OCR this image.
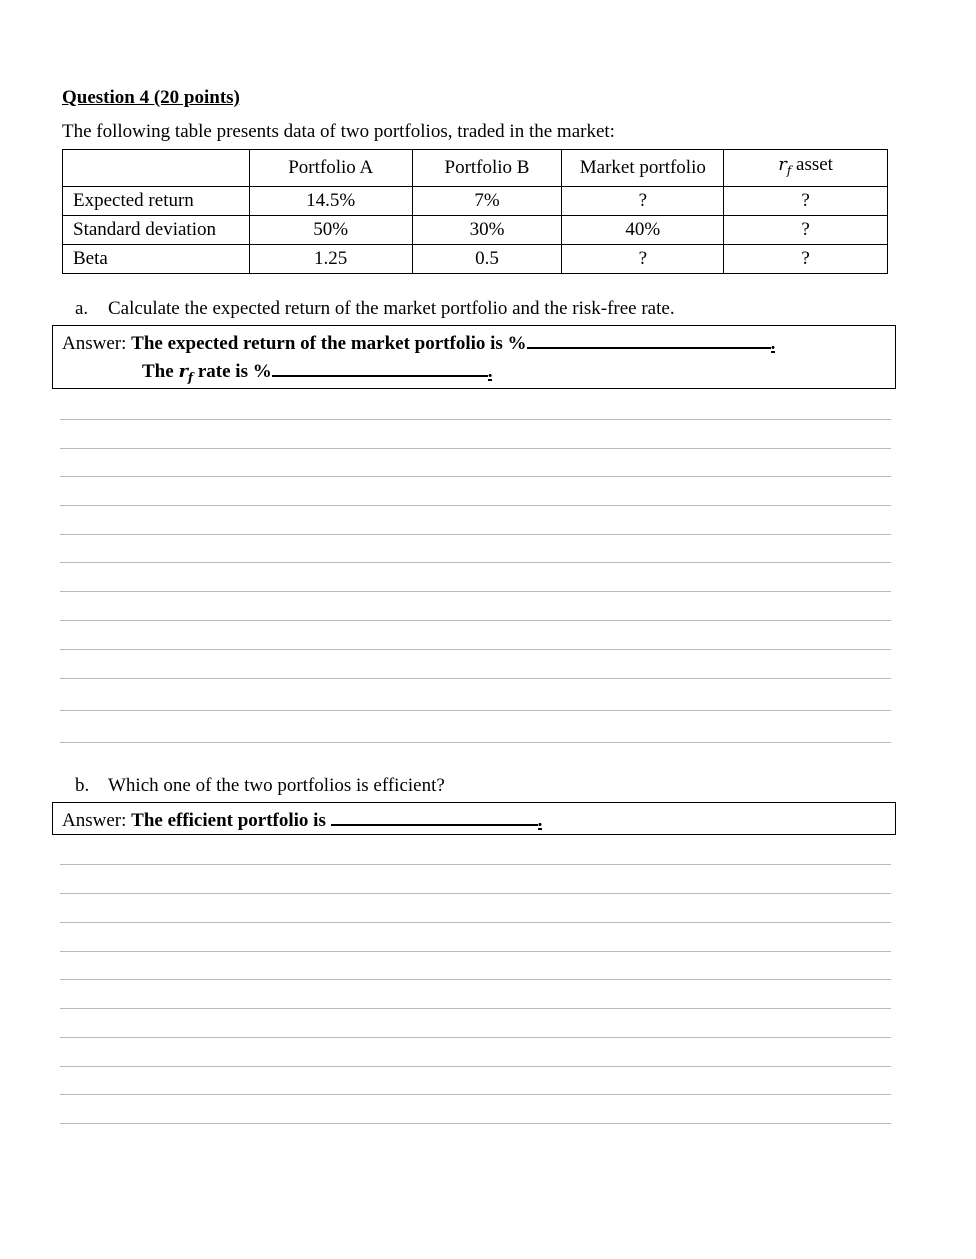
Question 4 (20 points)
The following table presents data of two portfolios, traded in the market:
	Portfolio A	Portfolio B	Market portfolio	$r_f$ asset
Expected return	14.5%	7%	?	?
Standard deviation	50%	30%	40%	?
Beta	1.25	0.5	?	?
a. Calculate the expected return of the market portfolio and the risk-free rate.
Answer: The expected return of the market portfolio is %	.
The $r_f$ rate is %	.
b. Which one of the two portfolios is efficient?
Answer: The efficient portfolio is	.
